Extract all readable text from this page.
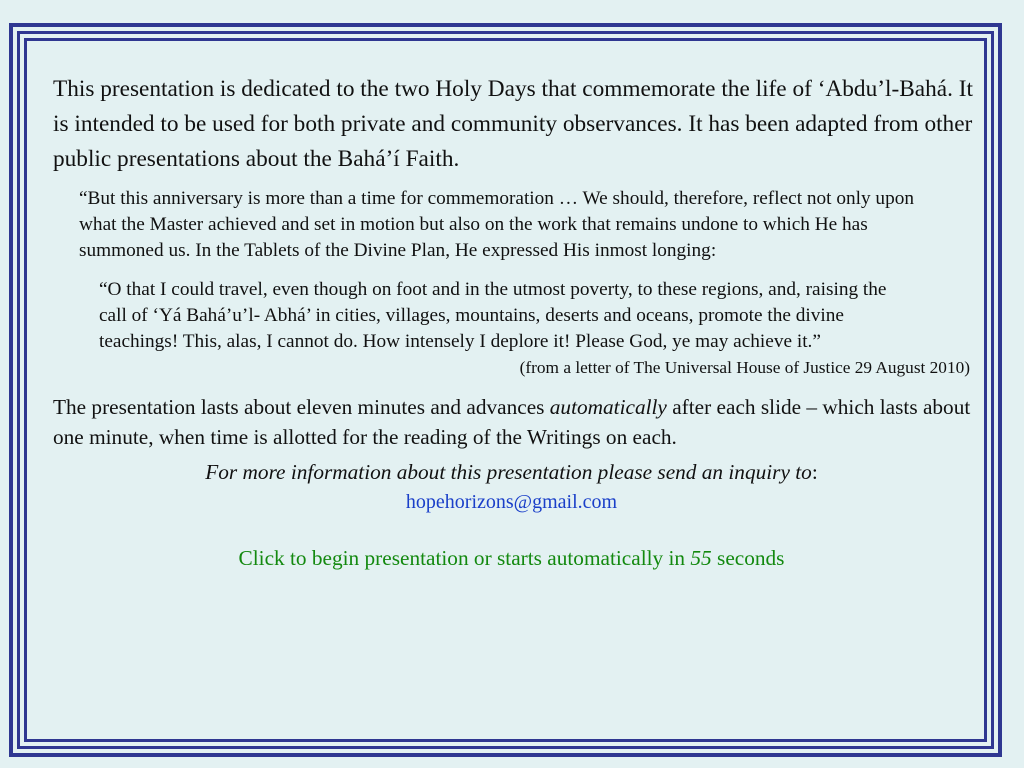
This presentation is dedicated to the two Holy Days that commemorate the life of ‘Abdu’l-Bahá. It is intended to be used for both private and community observances. It has been adapted from other public presentations about the Bahá’í Faith.

“But this anniversary is more than a time for commemoration … We should, therefore, reflect not only upon what the Master achieved and set in motion but also on the work that remains undone to which He has summoned us. In the Tablets of the Divine Plan, He expressed His inmost longing:

“O that I could travel, even though on foot and in the utmost poverty, to these regions, and, raising the call of ‘Yá Bahá’u’l- Abhá’ in cities, villages, mountains, deserts and oceans, promote the divine teachings! This, alas, I cannot do. How intensely I deplore it! Please God, ye may achieve it.”

(from a letter of The Universal House of Justice 29 August 2010)

The presentation lasts about eleven minutes and advances automatically after each slide – which lasts about one minute, when time is allotted for the reading of the Writings on each.

For more information about this presentation please send an inquiry to:

hopehorizons@gmail.com

Click to begin presentation or starts automatically in 55 seconds
